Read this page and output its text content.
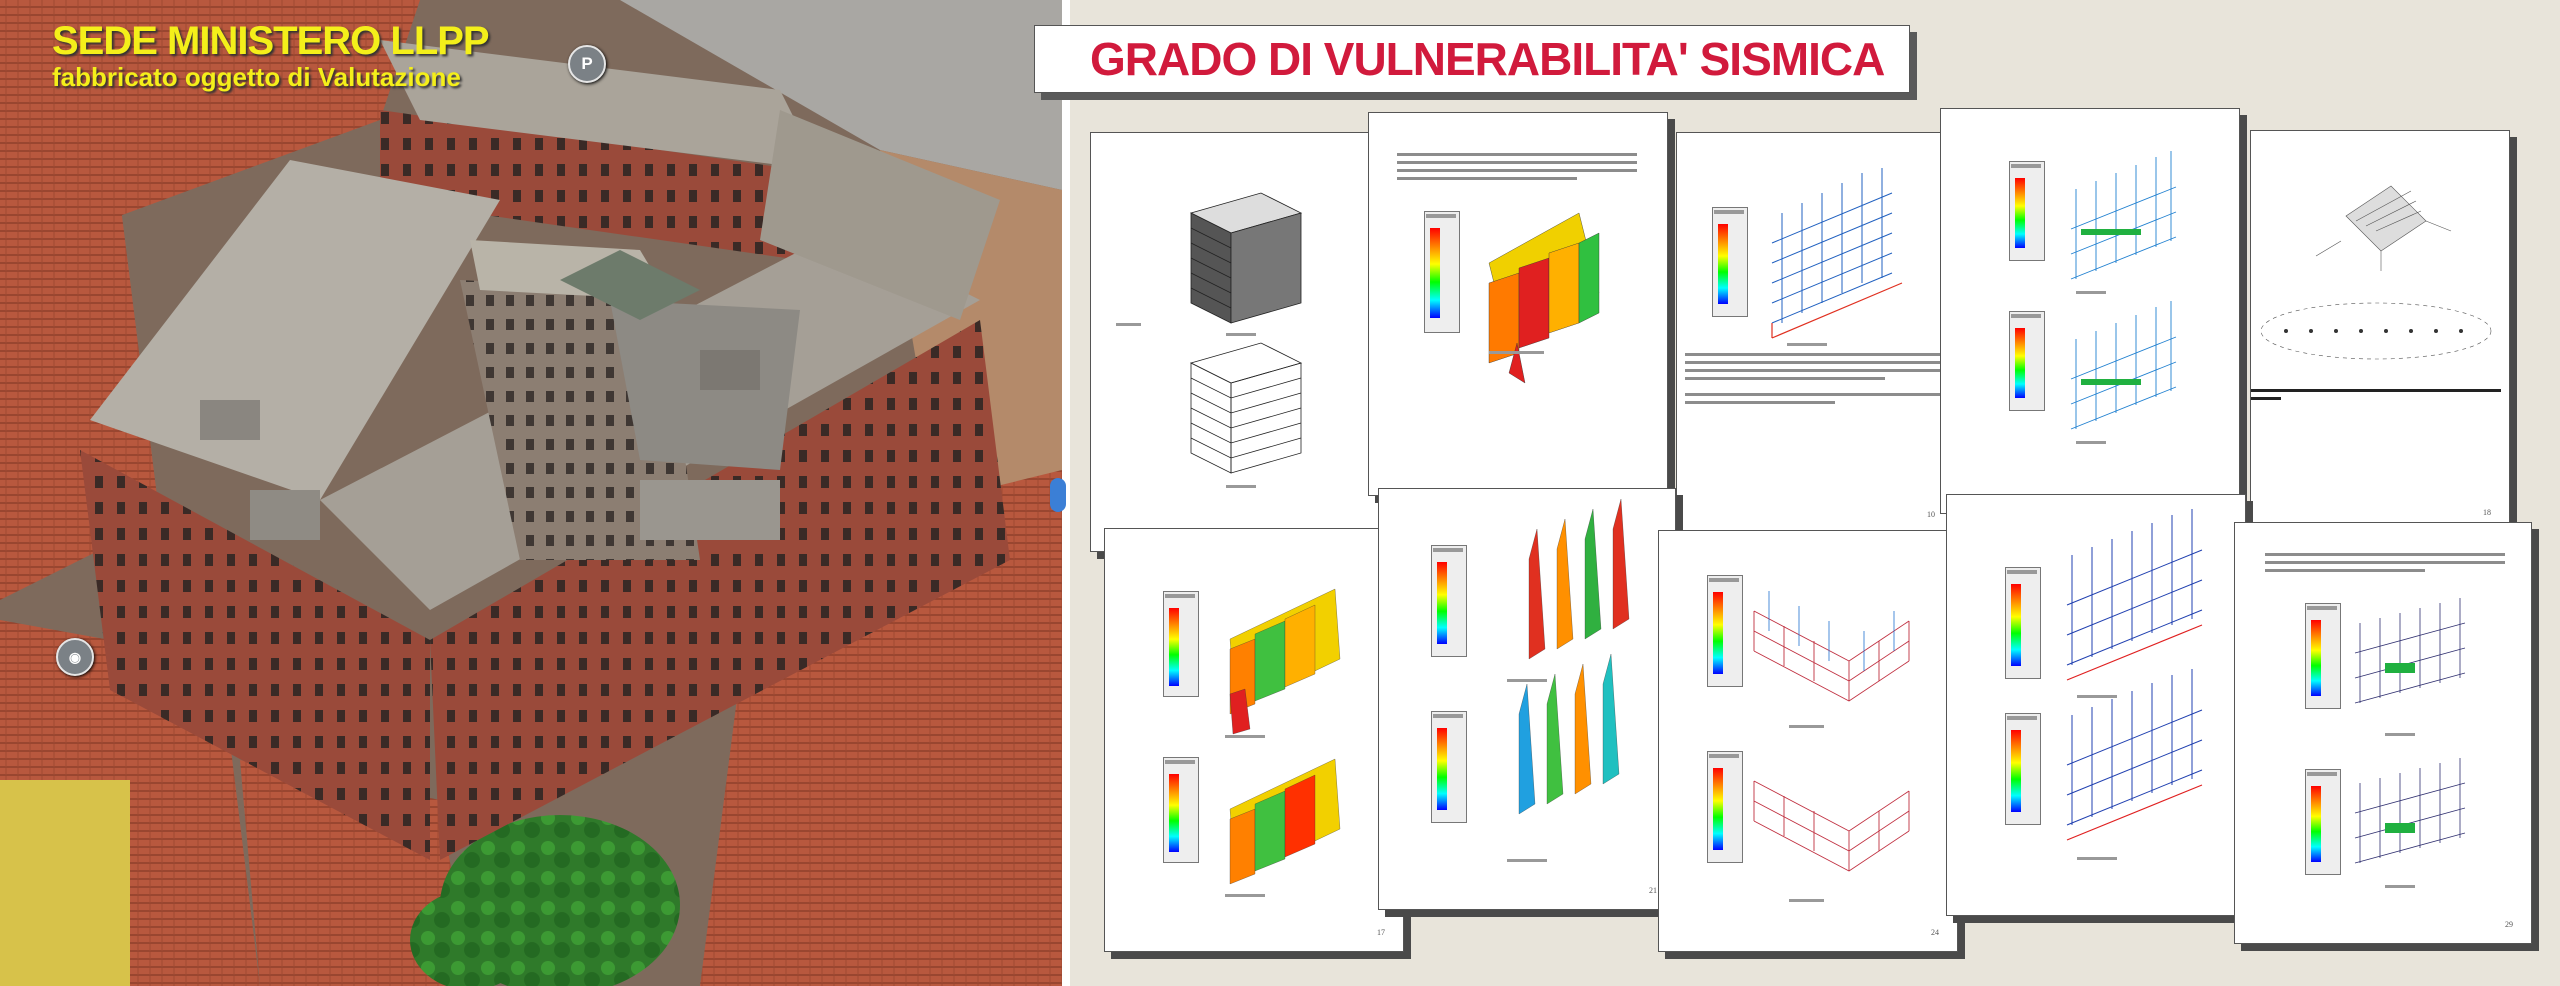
SEDE MINISTERO LLPP
fabbricato oggetto di Valutazione	P
◉
10	18
17
21
24
29
GRADO DI VULNERABILITA' SISMICA
